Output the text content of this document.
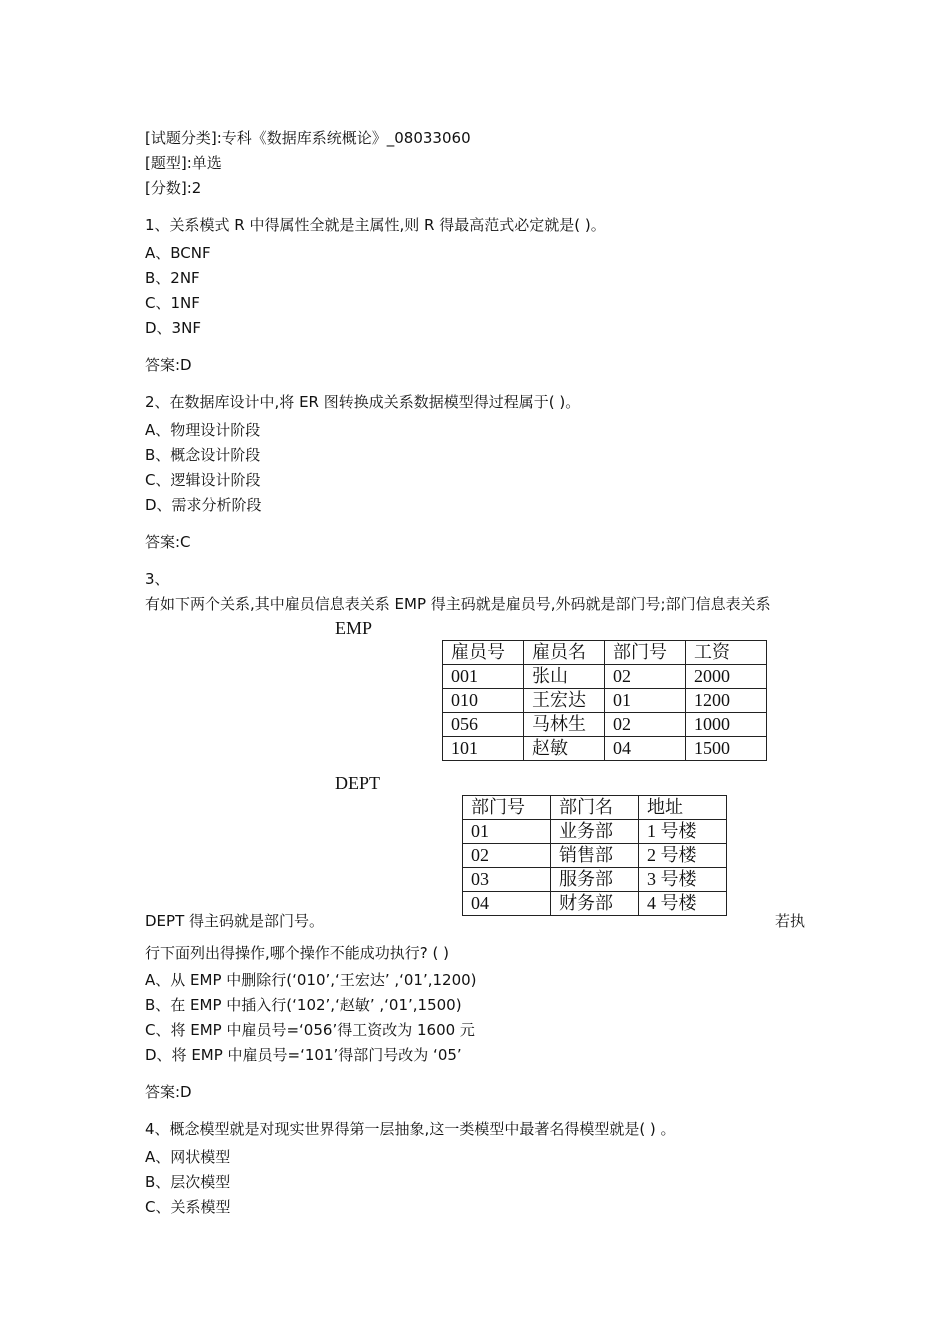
[试题分类]:专科《数据库系统概论》_08033060
[题型]:单选
[分数]:2
1、关系模式 R 中得属性全就是主属性,则 R 得最高范式必定就是( )。
A、BCNF
B、2NF
C、1NF
D、3NF
答案:D
2、在数据库设计中,将 ER 图转换成关系数据模型得过程属于( )。
A、物理设计阶段
B、概念设计阶段
C、逻辑设计阶段
D、需求分析阶段
答案:C
3、
有如下两个关系,其中雇员信息表关系 EMP 得主码就是雇员号,外码就是部门号;部门信息表关系
EMP
雇员号	雇员名	部门号	工资
001	张山	02	2000
010	王宏达	01	1200
056	马林生	02	1000
101	赵敏	04	1500
DEPT
部门号	部门名	地址
01	业务部	1 号楼
02	销售部	2 号楼
03	服务部	3 号楼
04	财务部	4 号楼
DEPT 得主码就是部门号。	若执
行下面列出得操作,哪个操作不能成功执行? ( )
A、从 EMP 中删除行(‘010’,‘王宏达’ ,‘01’,1200)
B、在 EMP 中插入行(‘102’,‘赵敏’ ,‘01’,1500)
C、将 EMP 中雇员号=‘056’得工资改为 1600 元
D、将 EMP 中雇员号=‘101’得部门号改为 ‘05’
答案:D
4、概念模型就是对现实世界得第一层抽象,这一类模型中最著名得模型就是( ) 。
A、网状模型
B、层次模型
C、关系模型
